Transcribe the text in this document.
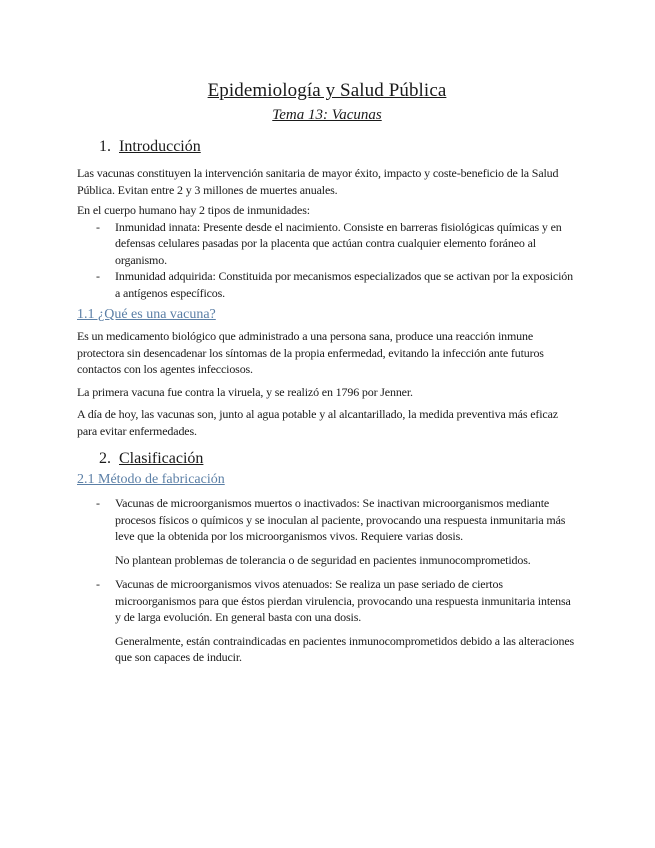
Epidemiología y Salud Pública
Tema 13: Vacunas
1. Introducción

Las vacunas constituyen la intervención sanitaria de mayor éxito, impacto y coste-beneficio de la Salud Pública. Evitan entre 2 y 3 millones de muertes anuales.

En el cuerpo humano hay 2 tipos de inmunidades:

- Inmunidad innata: Presente desde el nacimiento. Consiste en barreras fisiológicas químicas y en defensas celulares pasadas por la placenta que actúan contra cualquier elemento foráneo al organismo.
- Inmunidad adquirida: Constituida por mecanismos especializados que se activan por la exposición a antígenos específicos.
1.1 ¿Qué es una vacuna?

Es un medicamento biológico que administrado a una persona sana, produce una reacción inmune protectora sin desencadenar los síntomas de la propia enfermedad, evitando la infección ante futuros contactos con los agentes infecciosos.

La primera vacuna fue contra la viruela, y se realizó en 1796 por Jenner.

A día de hoy, las vacunas son, junto al agua potable y al alcantarillado, la medida preventiva más eficaz para evitar enfermedades.

2. Clasificación
2.1 Método de fabricación
- Vacunas de microorganismos muertos o inactivados: Se inactivan microorganismos mediante procesos físicos o químicos y se inoculan al paciente, provocando una respuesta inmunitaria más leve que la obtenida por los microorganismos vivos. Requiere varias dosis.

No plantean problemas de tolerancia o de seguridad en pacientes inmunocomprometidos.

- Vacunas de microorganismos vivos atenuados: Se realiza un pase seriado de ciertos microorganismos para que éstos pierdan virulencia, provocando una respuesta inmunitaria intensa y de larga evolución. En general basta con una dosis.

Generalmente, están contraindicadas en pacientes inmunocomprometidos debido a las alteraciones que son capaces de inducir.
